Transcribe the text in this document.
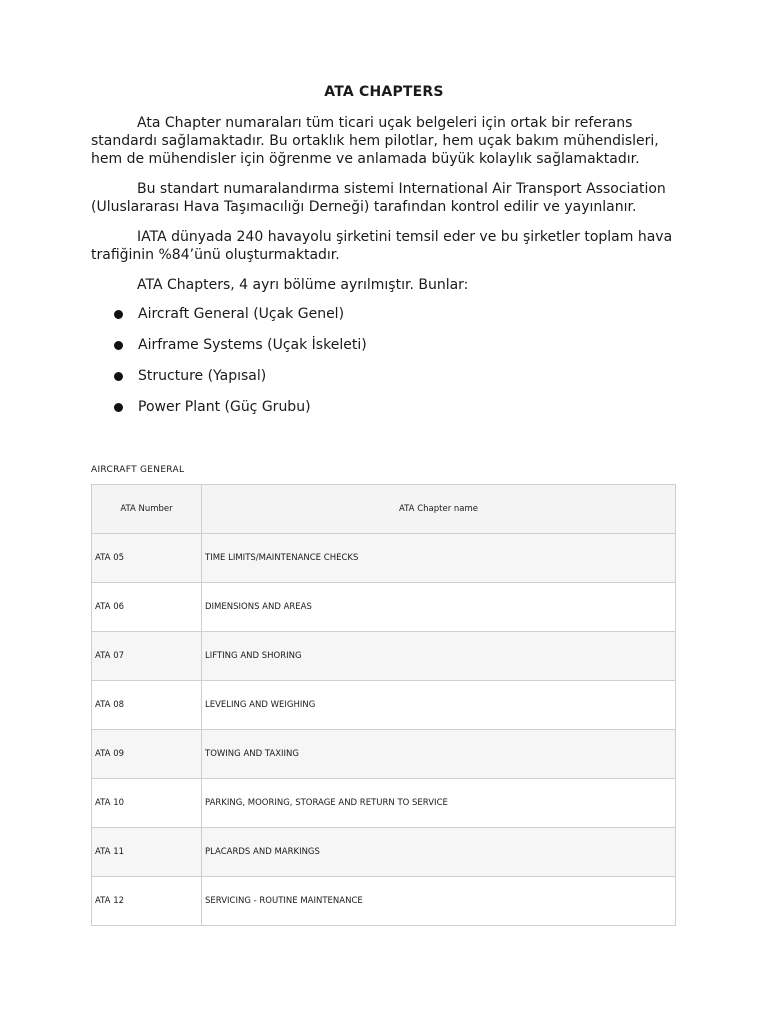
ATA CHAPTERS

Ata Chapter numaraları tüm ticari uçak belgeleri için ortak bir referans standardı sağlamaktadır. Bu ortaklık hem pilotlar, hem uçak bakım mühendisleri, hem de mühendisler için öğrenme ve anlamada büyük kolaylık sağlamaktadır.

Bu standart numaralandırma sistemi International Air Transport Association (Uluslararası Hava Taşımacılığı Derneği) tarafından kontrol edilir ve yayınlanır.

IATA dünyada 240 havayolu şirketini temsil eder ve bu şirketler toplam hava trafiğinin %84’ünü oluşturmaktadır.

ATA Chapters, 4 ayrı bölüme ayrılmıştır. Bunlar:

Aircraft General (Uçak Genel)
Airframe Systems (Uçak İskeleti)
Structure (Yapısal)
Power Plant (Güç Grubu)
AIRCRAFT GENERAL
ATA Number	ATA Chapter name
ATA 05	TIME LIMITS/MAINTENANCE CHECKS
ATA 06	DIMENSIONS AND AREAS
ATA 07	LIFTING AND SHORING
ATA 08	LEVELING AND WEIGHING
ATA 09	TOWING AND TAXIING
ATA 10	PARKING, MOORING, STORAGE AND RETURN TO SERVICE
ATA 11	PLACARDS AND MARKINGS
ATA 12	SERVICING - ROUTINE MAINTENANCE
